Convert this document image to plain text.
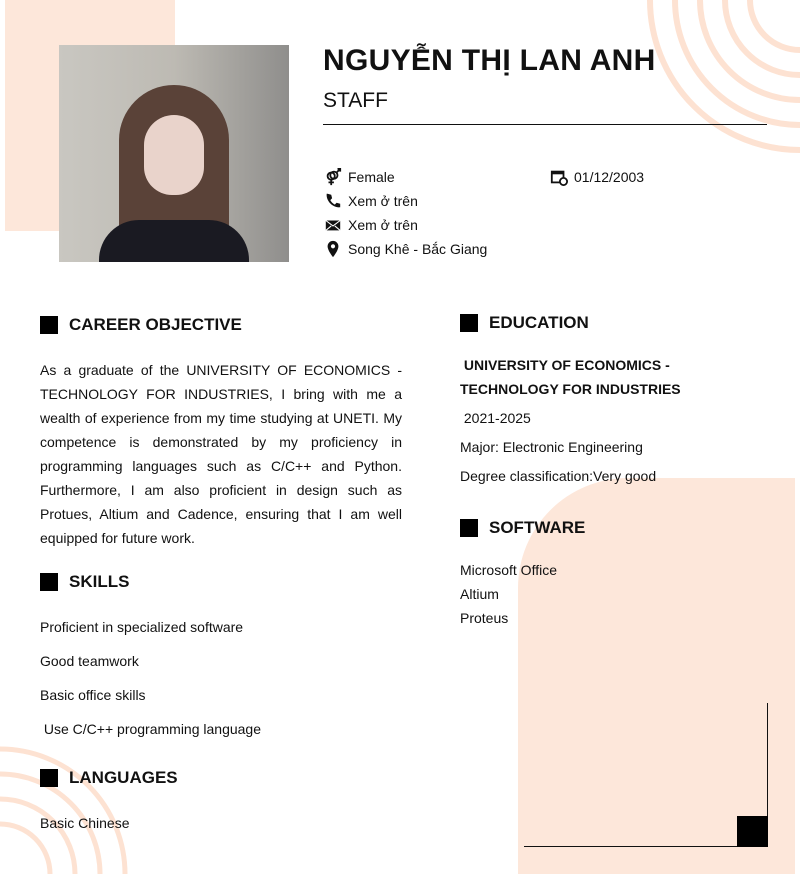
NGUYỄN THỊ LAN ANH
STAFF
Female	01/12/2003
Xem ở trên
Xem ở trên
Song Khê - Bắc Giang
CAREER OBJECTIVE
As a graduate of the UNIVERSITY OF ECONOMICS - TECHNOLOGY FOR INDUSTRIES, I bring with me a wealth of experience from my time studying at UNETI. My competence is demonstrated by my proficiency in programming languages such as C/C++ and Python. Furthermore, I am also proficient in design such as Protues, Altium and Cadence, ensuring that I am well equipped for future work.
SKILLS
Proficient in specialized software
Good teamwork
Basic office skills
Use C/C++ programming language
LANGUAGES
Basic Chinese
EDUCATION
UNIVERSITY OF ECONOMICS - TECHNOLOGY FOR INDUSTRIES
2021-2025
Major: Electronic Engineering
Degree classification:Very good
SOFTWARE
Microsoft Office
Altium
Proteus
